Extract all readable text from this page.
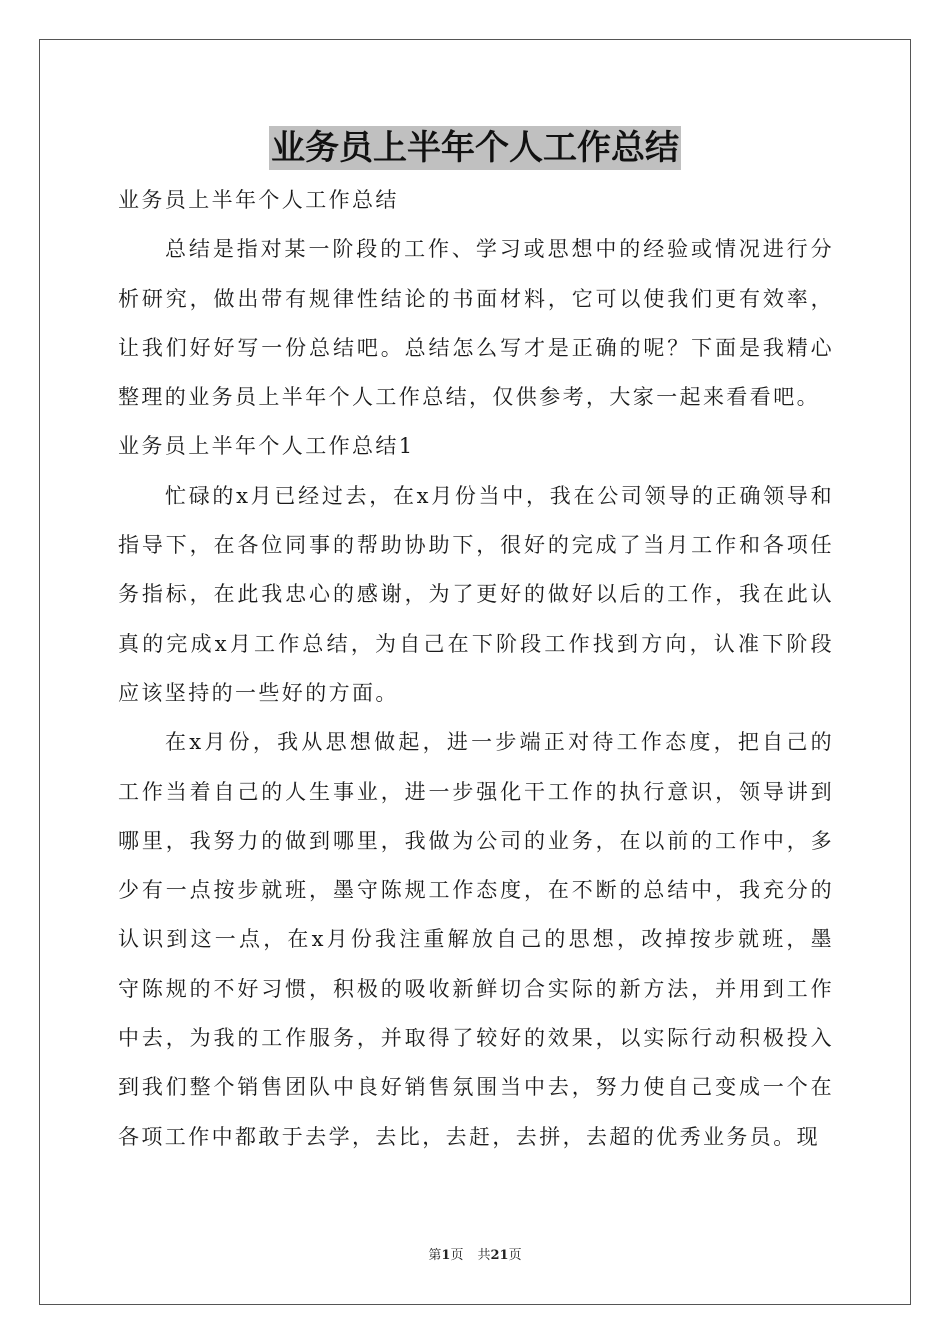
业务员上半年个人工作总结

业务员上半年个人工作总结

总结是指对某一阶段的工作、学习或思想中的经验或情况进行分析研究，做出带有规律性结论的书面材料，它可以使我们更有效率，让我们好好写一份总结吧。总结怎么写才是正确的呢？下面是我精心整理的业务员上半年个人工作总结，仅供参考，大家一起来看看吧。

业务员上半年个人工作总结1

忙碌的x月已经过去，在x月份当中，我在公司领导的正确领导和指导下，在各位同事的帮助协助下，很好的完成了当月工作和各项任务指标，在此我忠心的感谢，为了更好的做好以后的工作，我在此认真的完成x月工作总结，为自己在下阶段工作找到方向，认准下阶段应该坚持的一些好的方面。

在x月份，我从思想做起，进一步端正对待工作态度，把自己的工作当着自己的人生事业，进一步强化干工作的执行意识，领导讲到哪里，我努力的做到哪里，我做为公司的业务，在以前的工作中，多少有一点按步就班，墨守陈规工作态度，在不断的总结中，我充分的认识到这一点，在x月份我注重解放自己的思想，改掉按步就班，墨守陈规的不好习惯，积极的吸收新鲜切合实际的新方法，并用到工作中去，为我的工作服务，并取得了较好的效果，以实际行动积极投入到我们整个销售团队中良好销售氛围当中去，努力使自己变成一个在各项工作中都敢于去学，去比，去赶，去拼，去超的优秀业务员。现

第1页 共21页
